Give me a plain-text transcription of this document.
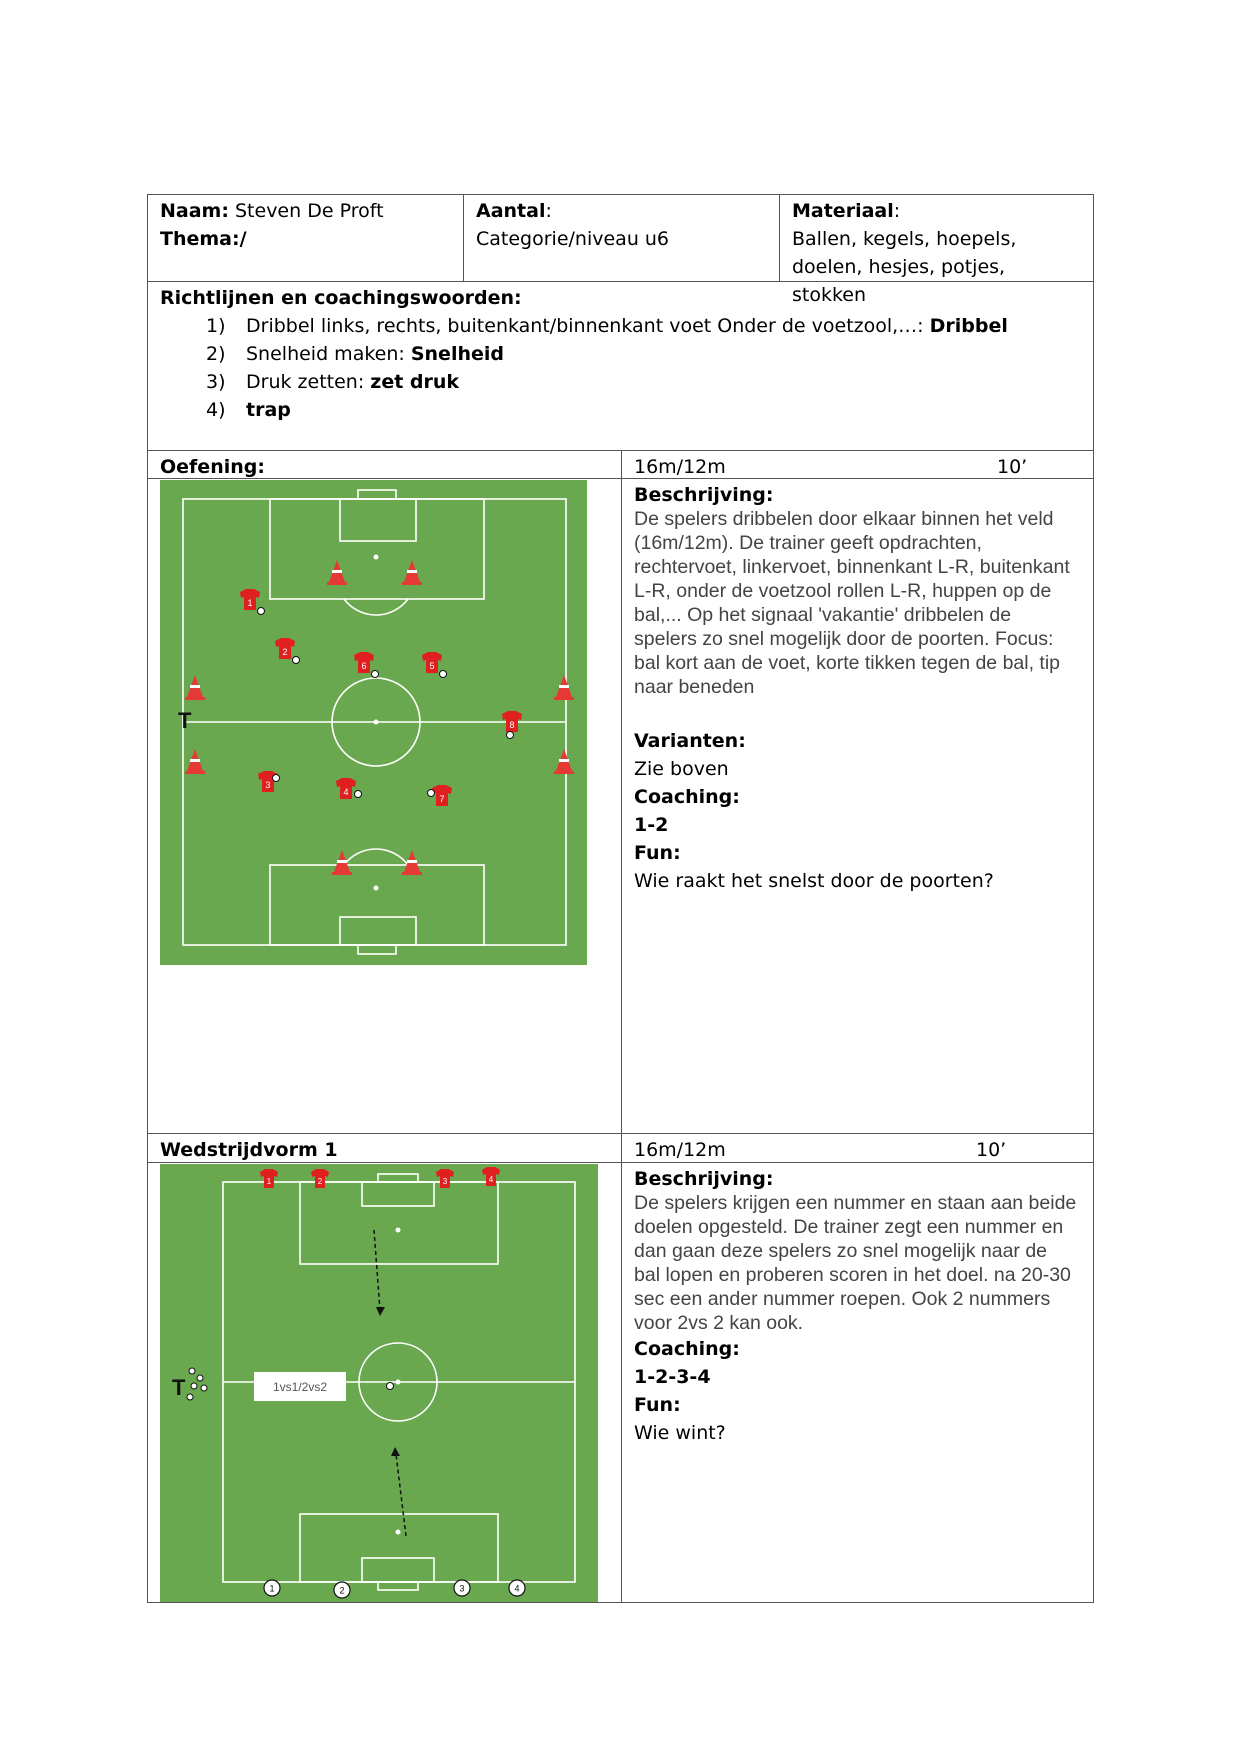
Naam: Steven De Proft
Thema:/
Aantal:
Categorie/niveau u6
Materiaal:
Ballen, kegels, hoepels, doelen, hesjes, potjes, stokken
Richtlijnen en coachingswoorden:
1) Dribbel links, rechts, buitenkant/binnenkant voet Onder de voetzool,…: Dribbel
2) Snelheid maken: Snelheid
3) Druk zetten: zet druk
4) trap
Oefening:	16m/12m	10’
T
1
2
6	5
8
3
4
7
Beschrijving:
De spelers dribbelen door elkaar binnen het veld (16m/12m). De trainer geeft opdrachten, rechtervoet, linkervoet, binnenkant L-R, buitenkant L-R, onder de voetzool rollen L-R, huppen op de bal,... Op het signaal 'vakantie' dribbelen de spelers zo snel mogelijk door de poorten. Focus: bal kort aan de voet, korte tikken tegen de bal, tip naar beneden
Varianten:
Zie boven
Coaching:
1-2
Fun:
Wie raakt het snelst door de poorten?
Wedstrijdvorm 1	16m/12m	10’
1vs1/2vs2
T
1	2	3	4
1	2	3	4
Beschrijving:
De spelers krijgen een nummer en staan aan beide doelen opgesteld. De trainer zegt een nummer en dan gaan deze spelers zo snel mogelijk naar de bal lopen en proberen scoren in het doel. na 20-30 sec een ander nummer roepen. Ook 2 nummers voor 2vs 2 kan ook.
Coaching:
1-2-3-4
Fun:
Wie wint?
